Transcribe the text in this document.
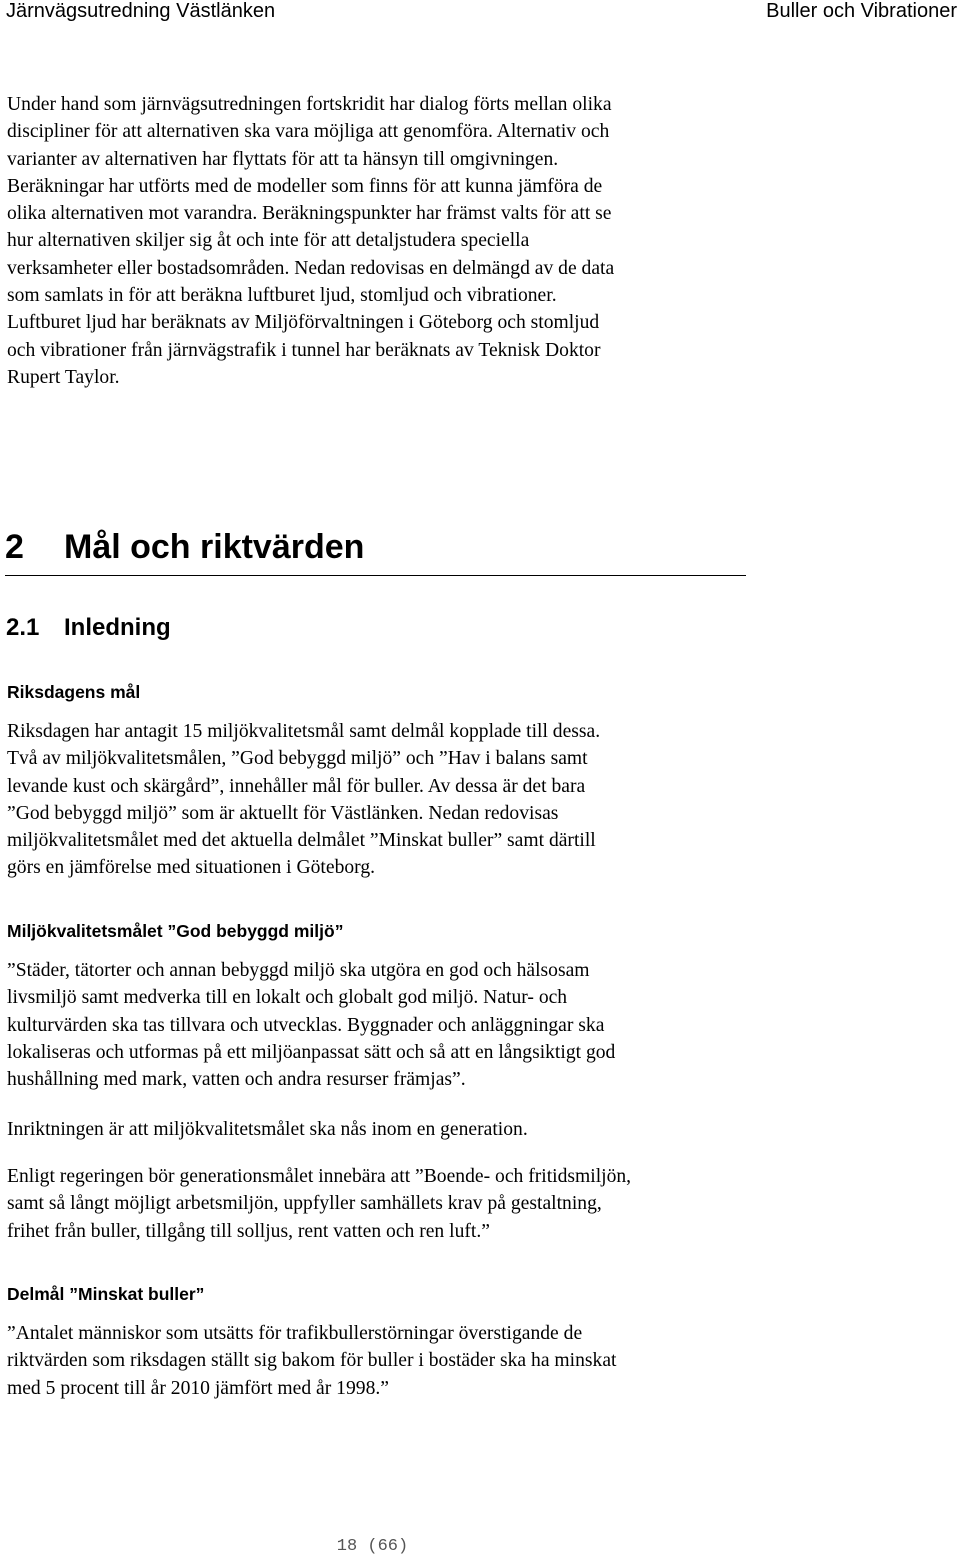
Järnvägsutredning Västlänken	Buller och Vibrationer

Under hand som järnvägsutredningen fortskridit har dialog förts mellan olika

discipliner för att alternativen ska vara möjliga att genomföra. Alternativ och

varianter av alternativen har flyttats för att ta hänsyn till omgivningen.

Beräkningar har utförts med de modeller som finns för att kunna jämföra de

olika alternativen mot varandra. Beräkningspunkter har främst valts för att se

hur alternativen skiljer sig åt och inte för att detaljstudera speciella

verksamheter eller bostadsområden. Nedan redovisas en delmängd av de data

som samlats in för att beräkna luftburet ljud, stomljud och vibrationer.

Luftburet ljud har beräknats av Miljöförvaltningen i Göteborg och stomljud

och vibrationer från järnvägstrafik i tunnel har beräknats av Teknisk Doktor

Rupert Taylor.

2 Mål och riktvärden
2.1 Inledning
Riksdagens mål

Riksdagen har antagit 15 miljökvalitetsmål samt delmål kopplade till dessa.

Två av miljökvalitetsmålen, ”God bebyggd miljö” och ”Hav i balans samt

levande kust och skärgård”, innehåller mål för buller. Av dessa är det bara

”God bebyggd miljö” som är aktuellt för Västlänken. Nedan redovisas

miljökvalitetsmålet med det aktuella delmålet ”Minskat buller” samt därtill

görs en jämförelse med situationen i Göteborg.

Miljökvalitetsmålet ”God bebyggd miljö”

”Städer, tätorter och annan bebyggd miljö ska utgöra en god och hälsosam

livsmiljö samt medverka till en lokalt och globalt god miljö. Natur- och

kulturvärden ska tas tillvara och utvecklas. Byggnader och anläggningar ska

lokaliseras och utformas på ett miljöanpassat sätt och så att en långsiktigt god

hushållning med mark, vatten och andra resurser främjas”.

Inriktningen är att miljökvalitetsmålet ska nås inom en generation.

Enligt regeringen bör generationsmålet innebära att ”Boende- och fritidsmiljön,

samt så långt möjligt arbetsmiljön, uppfyller samhällets krav på gestaltning,

frihet från buller, tillgång till solljus, rent vatten och ren luft.”

Delmål ”Minskat buller”

”Antalet människor som utsätts för trafikbullerstörningar överstigande de

riktvärden som riksdagen ställt sig bakom för buller i bostäder ska ha minskat

med 5 procent till år 2010 jämfört med år 1998.”

18 (66)
